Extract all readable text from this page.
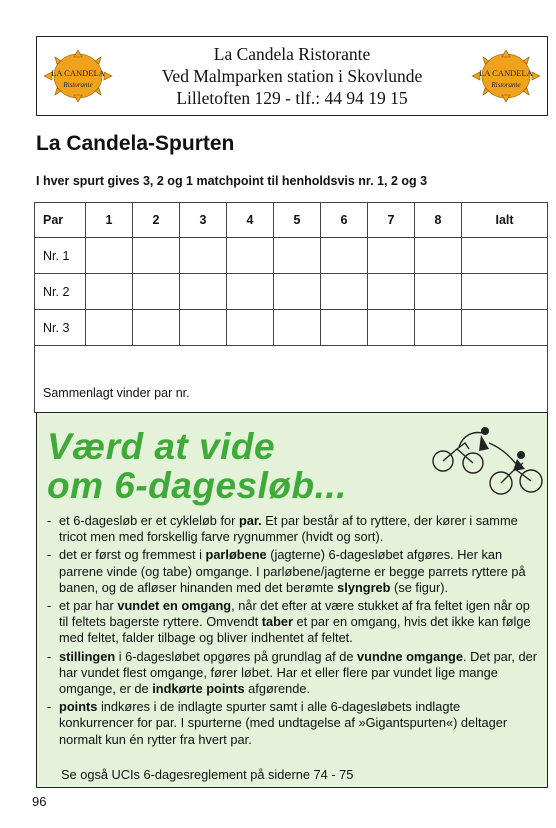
LA CANDELA
Ristorante
La Candela Ristorante
Ved Malmparken station i Skovlunde
Lilletoften 129 - tlf.: 44 94 19 15
LA CANDELA
Ristorante
La Candela-Spurten
I hver spurt gives 3, 2 og 1 matchpoint til henholdsvis nr. 1, 2 og 3
Par	1	2	3	4	5	6	7	8	Ialt
Nr. 1									
Nr. 2									
Nr. 3									
Sammenlagt vinder par nr.									
Værd at vide
om 6-dagesløb...
- et 6-dagesløb er et cykleløb for par. Et par består af to ryttere, der kører i samme tricot men med forskellig farve rygnummer (hvidt og sort).
- det er først og fremmest i parløbene (jagterne) 6-dagesløbet afgøres. Her kan parrene vinde (og tabe) omgange. I parløbene/jagterne er begge parrets ryttere på banen, og de afløser hinanden med det berømte slyngreb (se figur).
- et par har vundet en omgang, når det efter at være stukket af fra feltet igen når op til feltets bagerste ryttere. Omvendt taber et par en omgang, hvis det ikke kan følge med feltet, falder tilbage og bliver indhentet af feltet.
- stillingen i 6-dagesløbet opgøres på grundlag af de vundne omgange. Det par, der har vundet flest omgange, fører løbet. Har et eller flere par vundet lige mange omgange, er de indkørte points afgørende.
- points indkøres i de indlagte spurter samt i alle 6-dagesløbets indlagte konkurrencer for par. I spurterne (med undtagelse af »Gigantspurten«) deltager normalt kun én rytter fra hvert par.
Se også UCIs 6-dagesreglement på siderne 74 - 75
96
